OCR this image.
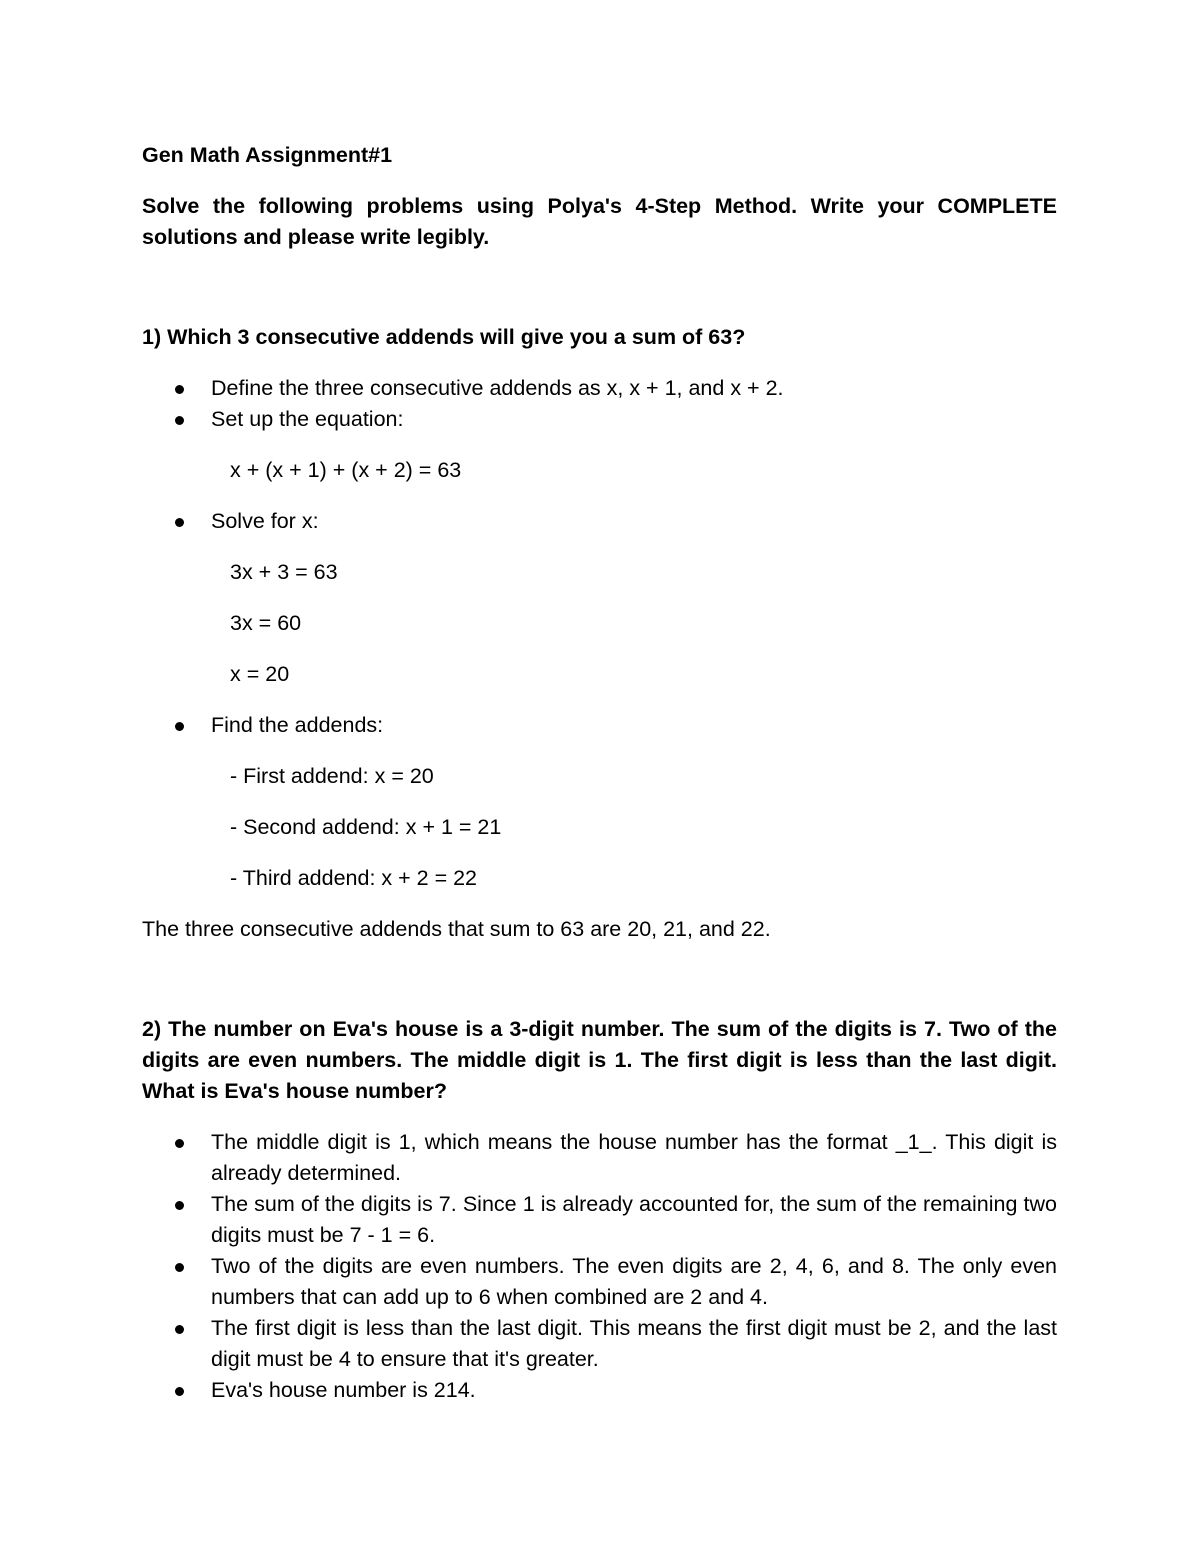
Gen Math Assignment#1

Solve the following problems using Polya's 4-Step Method. Write your COMPLETE solutions and please write legibly.

1) Which 3 consecutive addends will give you a sum of 63?

Define the three consecutive addends as x, x + 1, and x + 2.
Set up the equation:
x + (x + 1) + (x + 2) = 63
Solve for x:
3x + 3 = 63
3x = 60
x = 20
Find the addends:
- First addend: x = 20
- Second addend: x + 1 = 21
- Third addend: x + 2 = 22

The three consecutive addends that sum to 63 are 20, 21, and 22.

2) The number on Eva's house is a 3-digit number. The sum of the digits is 7. Two of the digits are even numbers. The middle digit is 1. The first digit is less than the last digit. What is Eva's house number?

The middle digit is 1, which means the house number has the format _1_. This digit is already determined.
The sum of the digits is 7. Since 1 is already accounted for, the sum of the remaining two digits must be 7 - 1 = 6.
Two of the digits are even numbers. The even digits are 2, 4, 6, and 8. The only even numbers that can add up to 6 when combined are 2 and 4.
The first digit is less than the last digit. This means the first digit must be 2, and the last digit must be 4 to ensure that it's greater.
Eva's house number is 214.
